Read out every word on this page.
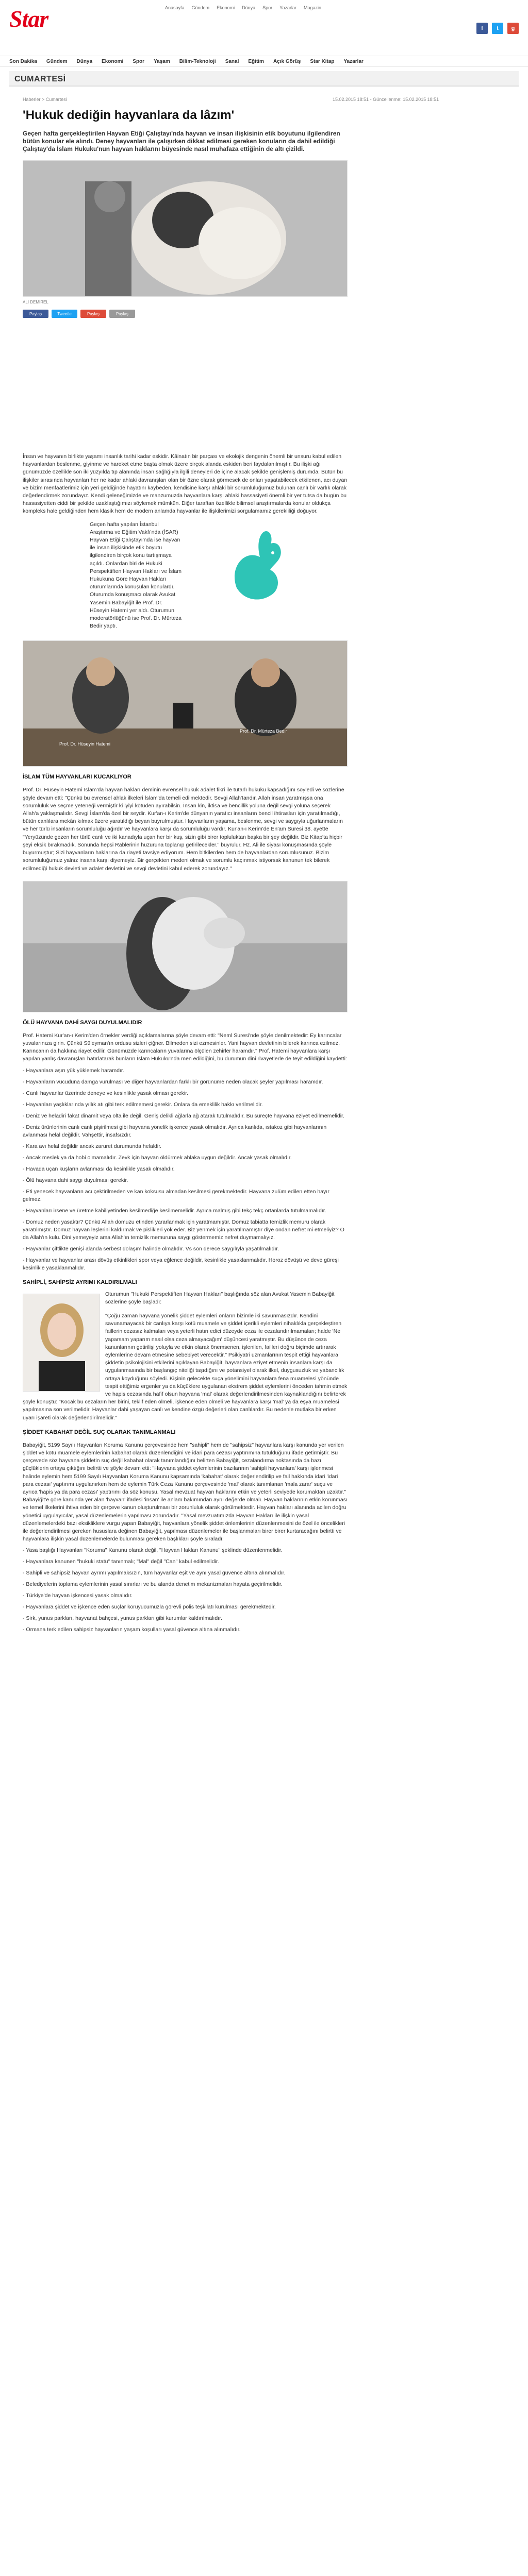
Star	Anasayfa Gündem Ekonomi Dünya Spor Yazarlar Magazin
f	t	g
Son Dakika Gündem Dünya Ekonomi Spor Yaşam Bilim-Teknoloji Sanal Eğitim Açık Görüş Star Kitap Yazarlar
CUMARTESİ
Haberler > Cumartesi	15.02.2015 18:51 - Güncellenme: 15.02.2015 18:51
'Hukuk dediğin hayvanlara da lâzım'
Geçen hafta gerçekleştirilen Hayvan Etiği Çalıştayı'nda hayvan ve insan ilişkisinin etik boyutunu ilgilendiren bütün konular ele alındı. Deney hayvanları ile çalışırken dikkat edilmesi gereken konuların da dahil edildiği Çalıştay'da İslam Hukuku'nun hayvan haklarını büyesinde nasıl muhafaza ettiğinin de altı çizildi.
ALİ DEMİREL
Paylaş	Tweetle	Paylaş	Paylaş
İnsan ve hayvanın birlikte yaşamı insanlık tarihi kadar eskidir. Kâinatın bir parçası ve ekolojik dengenin önemli bir unsuru kabul edilen hayvanlardan beslenme, giyinme ve hareket etme başta olmak üzere birçok alanda eskiden beri faydalanılmıştır. Bu ilişki ağı günümüzde özellikle son iki yüzyılda tıp alanında insan sağlığıyla ilgili deneyleri de içine alacak şekilde genişlemiş durumda. Bütün bu ilişkiler sırasında hayvanları her ne kadar ahlaki davranışları olan bir özne olarak görmesek de onları yaşatabilecek etkilenen, acı duyan ve bizim menfaatlerimiz için yeri geldiğinde hayatını kaybeden, kendisine karşı ahlaki bir sorumluluğumuz bulunan canlı bir varlık olarak değerlendirmek zorundayız. Kendi geleneğimizde ve manzumuzda hayvanlara karşı ahlaki hassasiyeti önemli bir yer tutsa da bugün bu hassasiyetten ciddi bir şekilde uzaklaştığımızı söylemek mümkün. Diğer taraftan özellikle bilimsel araştırmalarda konular oldukça kompleks hale geldiğinden hem klasik hem de modern anlamda hayvanlar ile ilişkilerimizi sorgulamamız gerekliliği doğuyor.
Geçen hafta yapılan İstanbul Araştırma ve Eğitim Vakfı'nda (İSAR) Hayvan Etiği Çalıştayı'nda ise hayvan ile insan ilişkisinde etik boyutu ilgilendiren birçok konu tartışmaya açıldı. Onlardan biri de Hukuki Perspektiften Hayvan Hakları ve İslam Hukukuna Göre Hayvan Hakları oturumlarında konuşulan konulardı. Oturumda konuşmacı olarak Avukat Yasemin Babayiğit ile Prof. Dr. Hüseyin Hatemi yer aldı. Oturumun moderatörlüğünü ise Prof. Dr. Mürteza Bedir yaptı.
Prof. Dr. Hüseyin Hatemi
Prof. Dr. Mürteza Bedir
İSLAM TÜM HAYVANLARI KUCAKLIYOR
Prof. Dr. Hüseyin Hatemi İslam'da hayvan hakları deminin evrensel hukuk adalet fikri ile tutarlı hukuku kapsadığını söyledi ve sözlerine şöyle devam etti: "Çünkü bu evrensel ahlak ilkeleri İslam'da temeli edilmektedir. Sevgi Allah'tandır. Allah insan yaratmışsa ona sorumluluk ve seçme yeteneği vermiştir ki iyiyi kötüden ayırabilsin. İnsan kin, iktisa ve bencillik yoluna değil sevgi yoluna seçerek Allah'a yaklaşmalıdır. Sevgi İslam'da özel bir seydir. Kur'an-ı Kerim'de dünyanın yaratıcı insanların bencil ihtirasları için yaratılmadığı, bütün canlılara mekân kılmak üzere yaratıldığı beyan buyrulmuştur. Hayvanların yaşama, beslenme, sevgi ve saygıyla uğurlanmaların ve her türlü insanların sorumluluğu ağırdır ve hayvanlara karşı da sorumluluğu vardır. Kur'an-ı Kerim'de En'am Suresi 38. ayette "Yeryüzünde gezen her türlü canlı ve iki kanadıyla uçan her bir kuş, sizin gibi birer topluluktan başka bir şey değildir. Biz Kitap'ta hiçbir şeyi eksik bırakmadık. Sonunda hepsi Rablerinin huzuruna toplanıp getirilecekler." buyrulur. Hz. Ali ile siyası konuşmasında şöyle buyurmuştur; Sizi hayvanların haklarına da riayeti tavsiye ediyorum. Hem bitkilerden hem de hayvanlardan sorumlusunuz. Bizim sorumluluğumuz yalnız insana karşı diyemeyiz. Bir gerçekten medeni olmak ve sorumlu kaçınmak istiyorsak kanunun tek bilerek edilmediği hukuk devleti ve adalet devletini ve sevgi devletini kabul ederek zorundayız."
ÖLÜ HAYVANA DAHİ SAYGI DUYULMALIDIR
Prof. Hatemi Kur'an-ı Kerim'den örnekler verdiği açıklamalarına şöyle devam etti: "Neml Suresi'nde şöyle denilmektedir: Ey karıncalar yuvalarınıza girin. Çünkü Süleyman'ın ordusu sizleri çiğner. Bilmeden sizi ezmesinler. Yani hayvan devletinin bilerek karınca ezilmez. Karıncanın da hakkına riayet edilir. Günümüzde karıncaların yuvalarına ölçülen zehirler haramdır." Prof. Hatemi hayvanlara karşı yapılan yanlış davranışları hatırlatarak bunların İslam Hukuku'nda men edildiğini, bu durumun dini rivayetlerle de teyit edildiğini kaydetti:
- Hayvanlara aşırı yük yüklemek haramdır.
- Hayvanların vücuduna damga vurulması ve diğer hayvanlardan farklı bir görünüme neden olacak şeyler yapılması haramdır.
- Canlı hayvanlar üzerinde deneye ve kesinlikle yasak olması gerekir.
- Hayvanları yaşlıklarında yıllık atı gibi terk edilmemesi gerekir. Onlara da emeklilik hakkı verilmelidir.
- Deniz ve heladiri fakat dinamit veya olta ile değil. Geniş delikli ağlarla ağ atarak tutulmalıdır. Bu süreçte hayvana eziyet edilmemelidir.
- Deniz ürünlerinin canlı canlı pişirilmesi gibi hayvana yönelik işkence yasak olmalıdır. Ayrıca kanlıda, ıstakoz gibi hayvanlarının avlanması helal değildir. Vahşettir, insafsızdır.
- Kara avı helal değildir ancak zaruret durumunda helaldir.
- Ancak meslek ya da hobi olmamalıdır. Zevk için hayvan öldürmek ahlaka uygun değildir. Ancak yasak olmalıdır.
- Havada uçan kuşların avlanması da kesinlikle yasak olmalıdır.
- Ölü hayvana dahi saygı duyulması gerekir.
- Eti yenecek hayvanların acı çektirilmeden ve kan koksusu almadan kesilmesi gerekmektedir. Hayvana zulüm edilen etten hayır gelmez.
- Hayvanları irsene ve üretme kabiliyetinden kesilmediğe kesilmemelidir. Ayrıca malmış gibi tekç tekç ortanlarda tutulmamalıdır.
- Domuz neden yasaktır? Çünkü Allah domuzu etinden yararlanmak için yaratmamıştır. Domuz tabiatta temizlik memuru olarak yaratılmıştır. Domuz hayvan leşlerini kaldırmak ve pislikleri yok eder. Biz yenmek için yaratılmamıştır diye ondan nefret mi etmeliyiz? O da Allah'ın kulu. Dini yemeyeyiz ama Allah'ın temizlik memuruna saygı göstermemiz nefret duymamalıyız.
- Hayvanlar çiftlikte genişi alanda serbest dolaşım halinde olmalıdır. Vs son derece saygılıyla yaşatılmalıdır.
- Hayvanlar ve hayvanlar arası dövüş etkinlikleri spor veya eğlence değildir, kesinlikle yasaklanmalıdır. Horoz dövüşü ve deve güreşi kesinlikle yasaklanmalıdır.
SAHİPLİ, SAHİPSİZ AYRIMI KALDIRILMALI
Oturumun "Hukuki Perspektiften Hayvan Hakları" başlığında söz alan Avukat Yasemin Babayiğit sözlerine şöyle başladı:
"Çoğu zaman hayvana yönelik şiddet eylemleri onların bizimle iki savunmasızdır. Kendini savunamayacak bir canlıya karşı kötü muamele ve şiddet içerikli eylemleri nihaklıkla gerçekleştiren faillerin cezasız kalmaları veya yeterli hatırı edici düzeyde ceza ile cezalandırılmamaları; halde 'Ne yaparsam yaparım nasıl olsa ceza almayacağım' düşüncesi yaratmıştır. Bu düşünce de ceza kanunlarının getirilişi yoluyla ve etkin olarak önemsenen, işlenilen, failleri doğru biçimde artırarak eylemlerine devam etmesine sebebiyet verecektir." Psikiyatri uzmanlarının tespit ettiği hayvanlara şiddetin psikolojisini etkilerini açıklayan Babayiğit, hayvanlara eziyet etmenin insanlara karşı da uygulanmasında bir başlangıç niteliği taşıdığını ve potansiyel olarak ilkel, duygusuzluk ve yabancılık ortaya koyduğunu söyledi. Kişinin gelecekte suça yönelimini hayvanlara fena muamelesi yönünde tespit ettiğimiz ergenler ya da küçüklere uygulanan ekstrem şiddet eylemlerini önceden tahmin etmek ve hapis cezasında hafif olsun hayvana 'mal' olarak değerlendirilmesinden kaynaklandığını belirterek şöyle konuştu: "Kocak bu cezaların her birini, teklif eden ölmeli, işkence eden ölmeli ve hayvanlara karşı 'mal' ya da eşya muamelesi yapılmasına son verilmelidir. Hayvanlar dahi yaşayan canlı ve kendine özgü değerleri olan canlılardır. Bu nedenle mutlaka bir erken uyarı işareti olarak değerlendirilmelidir."
ŞİDDET KABAHAT DEĞİL SUÇ OLARAK TANIMLANMALI
Babayiğit, 5199 Sayılı Hayvanları Koruma Kanunu çerçevesinde hem "sahipli" hem de "sahipsiz" hayvanlara karşı kanunda yer verilen şiddet ve kötü muamele eylemlerinin kabahat olarak düzenlendiğini ve idari para cezası yaptırımına tutulduğunu ifade getirmiştir. Bu çerçevede söz hayvana şiddetin suç değil kabahat olarak tanımlandığını belirten Babayiğit, cezalandırma noktasında da bazı güçlüklerin ortaya çıktığını belirtti ve şöyle devam etti: "Hayvana şiddet eylemlerinin bazılarının 'sahipli hayvanlara' karşı işlenmesi halinde eylemin hem 5199 Sayılı Hayvanları Koruma Kanunu kapsamında 'kabahat' olarak değerlendirilip ve fail hakkında idari 'idari para cezası' yaptırımı uygulanırken hem de eylemin Türk Ceza Kanunu çerçevesinde 'mal' olarak tanımlanan 'mala zarar' suçu ve ayrıca 'hapis ya da para cezası' yaptırımı da söz konusu. Yasal mevzuat hayvan haklarını etkin ve yeterli seviyede korumaktan uzaktır." Babayiğit'e göre kanunda yer alan 'hayvan' ifadesi 'insan' ile anlam bakımından aynı değerde olmalı. Hayvan haklarının etkin korunması ve temel ilkelerini ihtiva eden bir çerçeve kanun oluşturulması bir zorunluluk olarak görülmektedir. Hayvan hakları alanında acilen doğru yönetici uygulayıcılar, yasal düzenlemelerin yapılması zorundadır. "Yasal mevzuatımızda Hayvan Hakları ile ilişkin yasal düzenlemelerdeki bazı eksikliklere vurgu yapan Babayiğit, hayvanlara yönelik şiddet önlemlerinin düzenlenmesini de özel ile öncelikleri ile değerlendirilmesi gereken hususlara değinen Babayiğit, yapılması düzenlemeler ile başlanmaları birer birer kurtaracağını belirtti ve hayvanlara ilişkin yasal düzenlemelerde bulunması gereken başlıkları şöyle sıraladı:
- Yasa başlığı Hayvanları "Koruma" Kanunu olarak değil, "Hayvan Hakları Kanunu" şeklinde düzenlenmelidir.
- Hayvanlara kanunen "hukuki statü" tanınmalı; "Mal" değil "Can" kabul edilmelidir.
- Sahipli ve sahipsiz hayvan ayrımı yapılmaksızın, tüm hayvanlar eşit ve aynı yasal güvence altına alınmalıdır.
- Belediyelerin toplama eylemlerinin yasal sınırları ve bu alanda denetim mekanizmaları hayata geçirilmelidir.
- Türkiye'de hayvan işkencesi yasak olmalıdır.
- Hayvanlara şiddet ve işkence eden suçlar koruyucumuzla görevli polis teşkilatı kurulması gerekmektedir.
- Sirk, yunus parkları, hayvanat bahçesi, yunus parkları gibi kurumlar kaldırılmalıdır.
- Ormana terk edilen sahipsiz hayvanların yaşam koşulları yasal güvence altına alınmalıdır.
